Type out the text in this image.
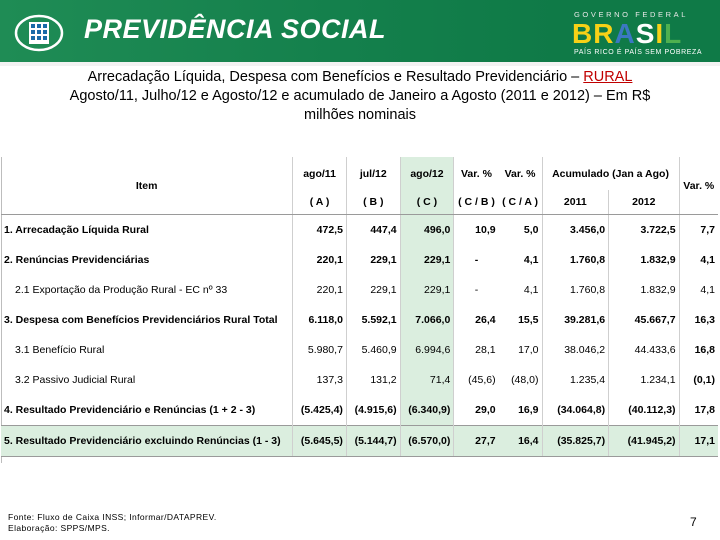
PREVIDÊNCIA SOCIAL	GOVERNO FEDERAL
BRASIL
PAÍS RICO É PAÍS SEM POBREZA
Arrecadação Líquida, Despesa com Benefícios e Resultado Previdenciário – RURAL
Agosto/11, Julho/12 e Agosto/12 e acumulado de Janeiro a Agosto (2011 e 2012) – Em R$
milhões nominais
Item	ago/11	jul/12	ago/12	Var. %	Var. %	Acumulado (Jan a Ago)		Var. %
	( A )	( B )	( C )	( C / B )	( C / A )	2011	2012	

1. Arrecadação Líquida Rural	472,5	447,4	496,0	10,9	5,0	3.456,0	3.722,5	7,7
2. Renúncias Previdenciárias	220,1	229,1	229,1	-	4,1	1.760,8	1.832,9	4,1
2.1 Exportação da Produção Rural - EC nº 33	220,1	229,1	229,1	-	4,1	1.760,8	1.832,9	4,1
3. Despesa com Benefícios Previdenciários Rural Total	6.118,0	5.592,1	7.066,0	26,4	15,5	39.281,6	45.667,7	16,3
3.1 Benefício Rural	5.980,7	5.460,9	6.994,6	28,1	17,0	38.046,2	44.433,6	16,8
3.2 Passivo Judicial Rural	137,3	131,2	71,4	(45,6)	(48,0)	1.235,4	1.234,1	(0,1)
4. Resultado Previdenciário e Renúncias (1 + 2 - 3)	(5.425,4)	(4.915,6)	(6.340,9)	29,0	16,9	(34.064,8)	(40.112,3)	17,8
5. Resultado Previdenciário excluindo Renúncias (1 - 3)	(5.645,5)	(5.144,7)	(6.570,0)	27,7	16,4	(35.825,7)	(41.945,2)	17,1
Fonte: Fluxo de Caixa INSS; Informar/DATAPREV.
Elaboração: SPPS/MPS.	7
